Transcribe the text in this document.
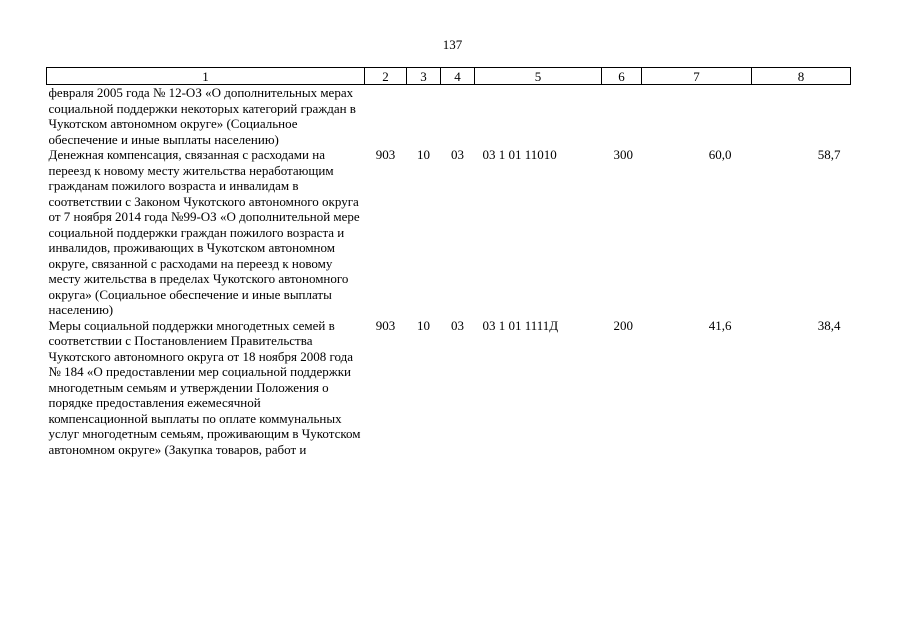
137
1	2	3	4	5	6	7	8
февраля 2005 года № 12-ОЗ «О дополнительных мерах социальной поддержки некоторых категорий граждан в Чукотском автономном округе» (Социальное обеспечение и иные выплаты населению)							
Денежная компенсация, связанная с расходами на переезд к новому месту жительства неработающим гражданам пожилого возраста и инвалидам в соответствии с Законом Чукотского автономного округа от 7 ноября 2014 года №99-ОЗ «О дополнительной мере социальной поддержки граждан пожилого возраста и инвалидов, проживающих в Чукотском автономном округе, связанной с расходами на переезд к новому месту жительства в пределах Чукотского автономного округа» (Социальное обеспечение и иные выплаты населению)	903	10	03	03 1 01 11010	300	60,0	58,7
Меры социальной поддержки многодетных семей в соответствии с Постановлением Правительства Чукотского автономного округа от 18 ноября 2008 года № 184 «О предоставлении мер социальной поддержки многодетным семьям и утверждении Положения о порядке предоставления ежемесячной компенсационной выплаты по оплате коммунальных услуг многодетным семьям, проживающим в Чукотском автономном округе» (Закупка товаров, работ и	903	10	03	03 1 01 1111Д	200	41,6	38,4
